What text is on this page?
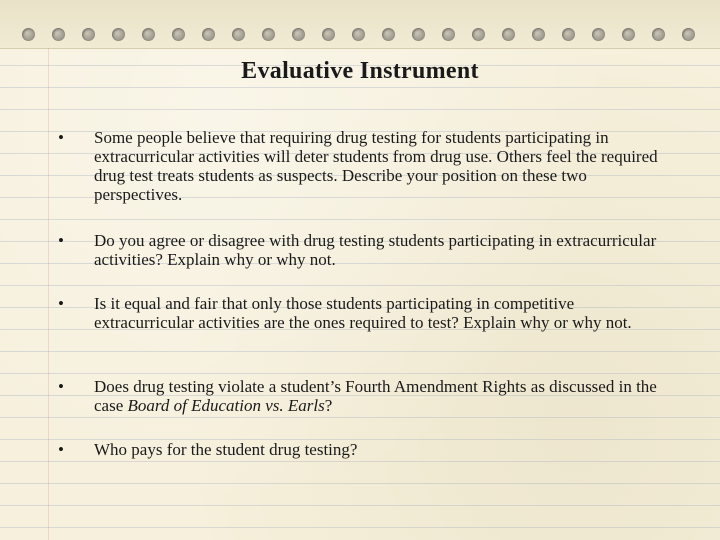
Evaluative Instrument
•	Some people believe that requiring drug testing for students participating in extracurricular activities will deter students from drug use. Others feel the required drug test treats students as suspects. Describe your position on these two perspectives.
•	Do you agree or disagree with drug testing students participating in extracurricular activities? Explain why or why not.
•	Is it equal and fair that only those students participating in competitive extracurricular activities are the ones required to test? Explain why or why not.
•	Does drug testing violate a student’s Fourth Amendment Rights as discussed in the case Board of Education vs. Earls?
•	Who pays for the student drug testing?
